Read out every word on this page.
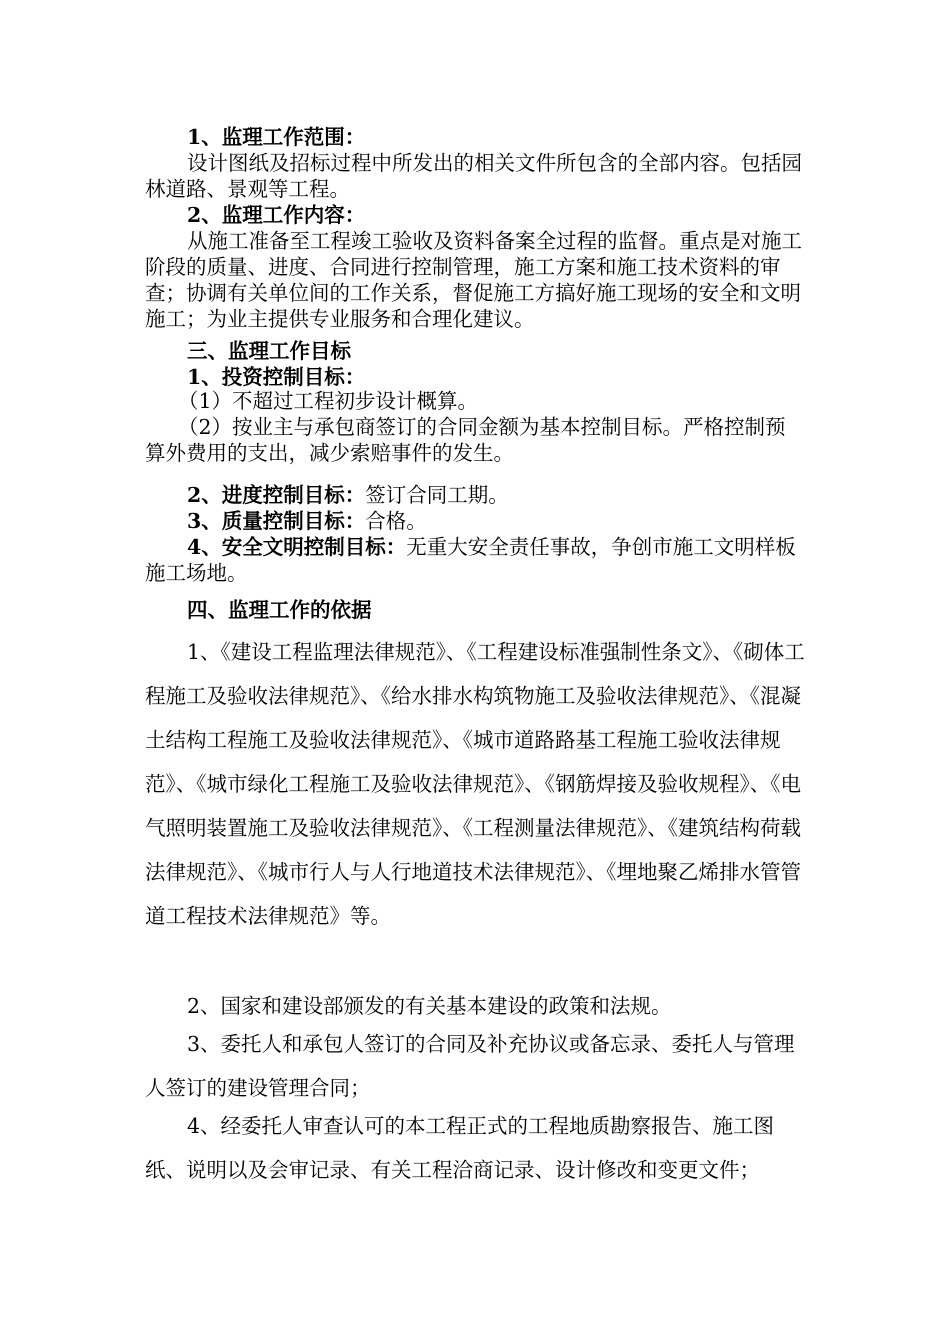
1、监理工作范围：

设计图纸及招标过程中所发出的相关文件所包含的全部内容。包括园林道路、景观等工程。

2、监理工作内容：

从施工准备至工程竣工验收及资料备案全过程的监督。重点是对施工阶段的质量、进度、合同进行控制管理，施工方案和施工技术资料的审查；协调有关单位间的工作关系，督促施工方搞好施工现场的安全和文明施工；为业主提供专业服务和合理化建议。

三、监理工作目标
1、投资控制目标：
（1）不超过工程初步设计概算。

（2）按业主与承包商签订的合同金额为基本控制目标。严格控制预算外费用的支出，减少索赔事件的发生。

2、进度控制目标：签订合同工期。
3、质量控制目标：合格。
4、安全文明控制目标：无重大安全责任事故，争创市施工文明样板施工场地。
四、监理工作的依据

1、《建设工程监理法律规范》、《工程建设标准强制性条文》、《砌体工程施工及验收法律规范》、《给水排水构筑物施工及验收法律规范》、《混凝土结构工程施工及验收法律规范》、《城市道路路基工程施工验收法律规范》、《城市绿化工程施工及验收法律规范》、《钢筋焊接及验收规程》、《电气照明装置施工及验收法律规范》、《工程测量法律规范》、《建筑结构荷载法律规范》、《城市行人与人行地道技术法律规范》、《埋地聚乙烯排水管管道工程技术法律规范》等。

2、国家和建设部颁发的有关基本建设的政策和法规。

3、委托人和承包人签订的合同及补充协议或备忘录、委托人与管理人签订的建设管理合同；

4、经委托人审查认可的本工程正式的工程地质勘察报告、施工图纸、说明以及会审记录、有关工程洽商记录、设计修改和变更文件；
